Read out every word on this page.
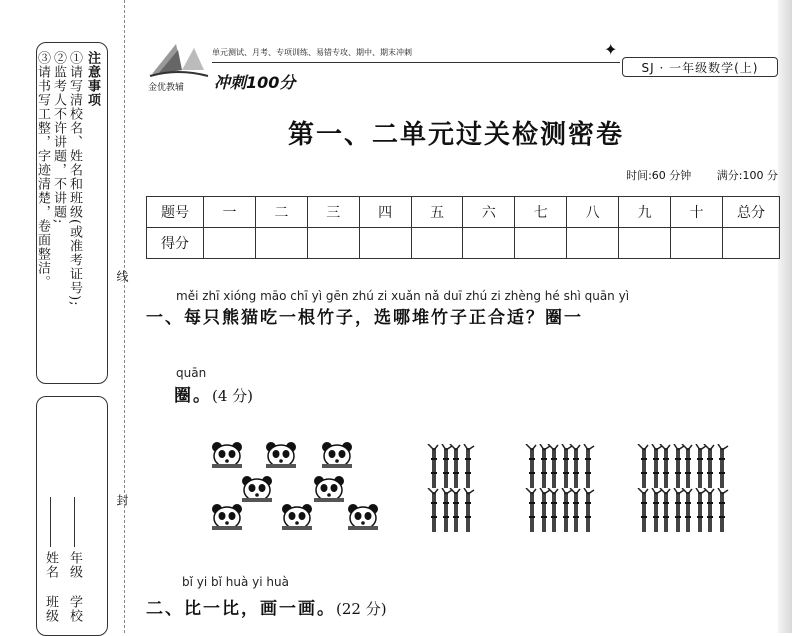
注意事项
①请写清校名、姓名和班级(或准考证号);
②监考人不许讲题，不讲题;
③请书写工整，字迹清楚，卷面整洁。
年级
姓名
学校
班级
线
封
金优教辅
单元测试、月考、专项训练、易错专攻、期中、期末冲刺
冲刺100分
✦
SJ · 一年级数学(上)
第一、二单元过关检测密卷
时间:60 分钟 满分:100 分
题号	一	二	三	四	五	六	七	八	九	十	总分
得分											
měi zhī xióng māo chī yì gēn zhú zi xuǎn nǎ duī zhú zi zhèng hé shì quān yì
一、每只熊猫吃一根竹子，选哪堆竹子正合适？圈一
quān
圈。(4 分)
bǐ yi bǐ huà yi huà
二、比一比，画一画。(22 分)
